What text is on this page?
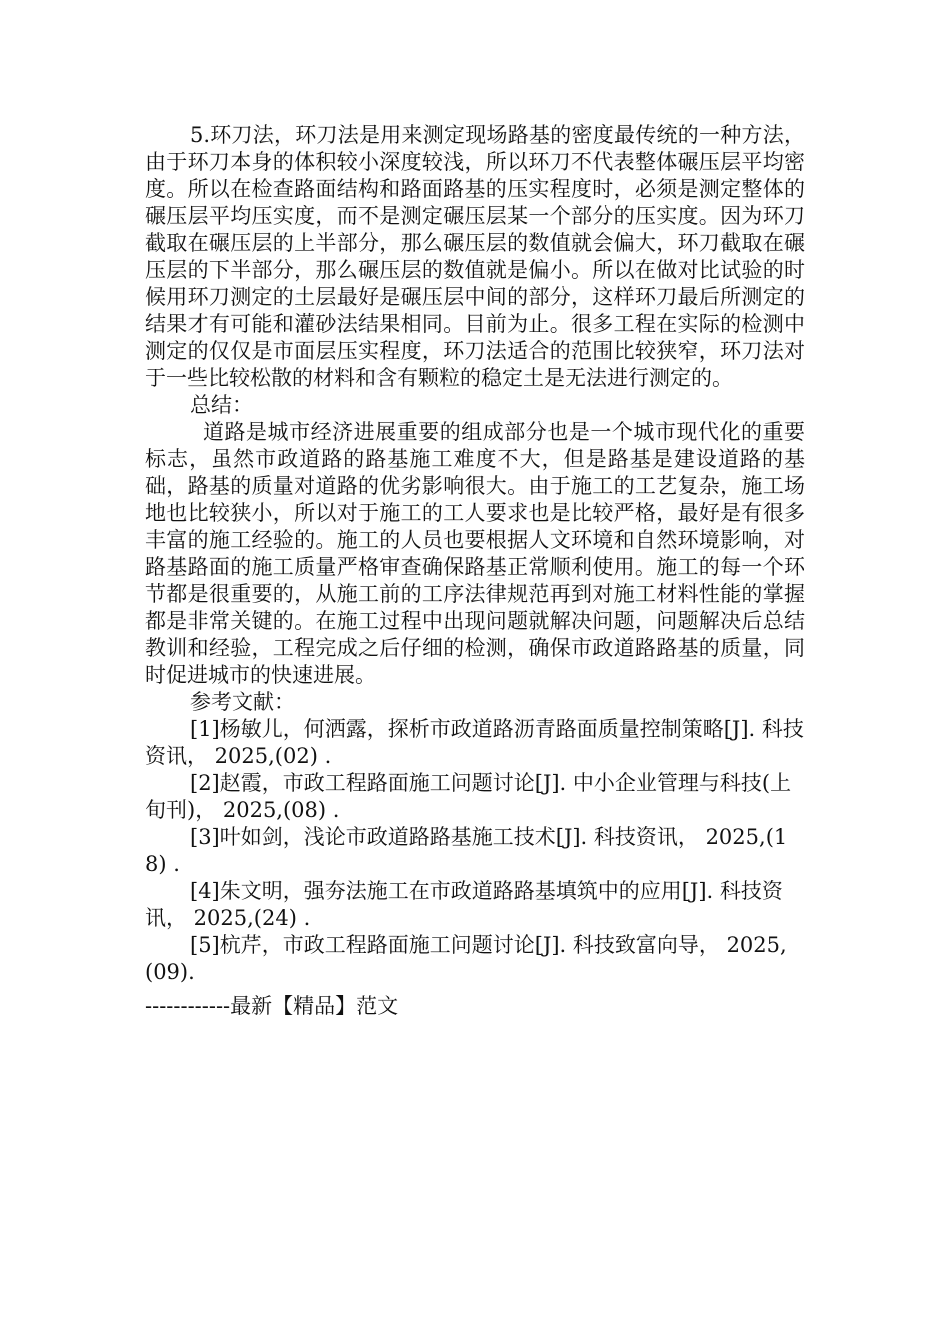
5.环刀法，环刀法是用来测定现场路基的密度最传统的一种方法，由于环刀本身的体积较小深度较浅，所以环刀不代表整体碾压层平均密度。所以在检查路面结构和路面路基的压实程度时，必须是测定整体的碾压层平均压实度，而不是测定碾压层某一个部分的压实度。因为环刀截取在碾压层的上半部分，那么碾压层的数值就会偏大，环刀截取在碾压层的下半部分，那么碾压层的数值就是偏小。所以在做对比试验的时候用环刀测定的土层最好是碾压层中间的部分，这样环刀最后所测定的结果才有可能和灌砂法结果相同。目前为止。很多工程在实际的检测中测定的仅仅是市面层压实程度，环刀法适合的范围比较狭窄，环刀法对于一些比较松散的材料和含有颗粒的稳定土是无法进行测定的。

总结：

道路是城市经济进展重要的组成部分也是一个城市现代化的重要标志，虽然市政道路的路基施工难度不大，但是路基是建设道路的基础，路基的质量对道路的优劣影响很大。由于施工的工艺复杂，施工场地也比较狭小，所以对于施工的工人要求也是比较严格，最好是有很多丰富的施工经验的。施工的人员也要根据人文环境和自然环境影响，对路基路面的施工质量严格审查确保路基正常顺利使用。施工的每一个环节都是很重要的，从施工前的工序法律规范再到对施工材料性能的掌握都是非常关键的。在施工过程中出现问题就解决问题，问题解决后总结教训和经验，工程完成之后仔细的检测，确保市政道路路基的质量，同时促进城市的快速进展。

参考文献：

[1]杨敏儿，何洒露，探析市政道路沥青路面质量控制策略[J]. 科技资讯， 2025,(02) .
[2]赵霞，市政工程路面施工问题讨论[J]. 中小企业管理与科技(上旬刊)， 2025,(08) .
[3]叶如剑，浅论市政道路路基施工技术[J]. 科技资讯， 2025,(18) .
[4]朱文明，强夯法施工在市政道路路基填筑中的应用[J]. 科技资讯， 2025,(24) .
[5]杭芹，市政工程路面施工问题讨论[J]. 科技致富向导， 2025,(09).
------------最新【精品】范文
